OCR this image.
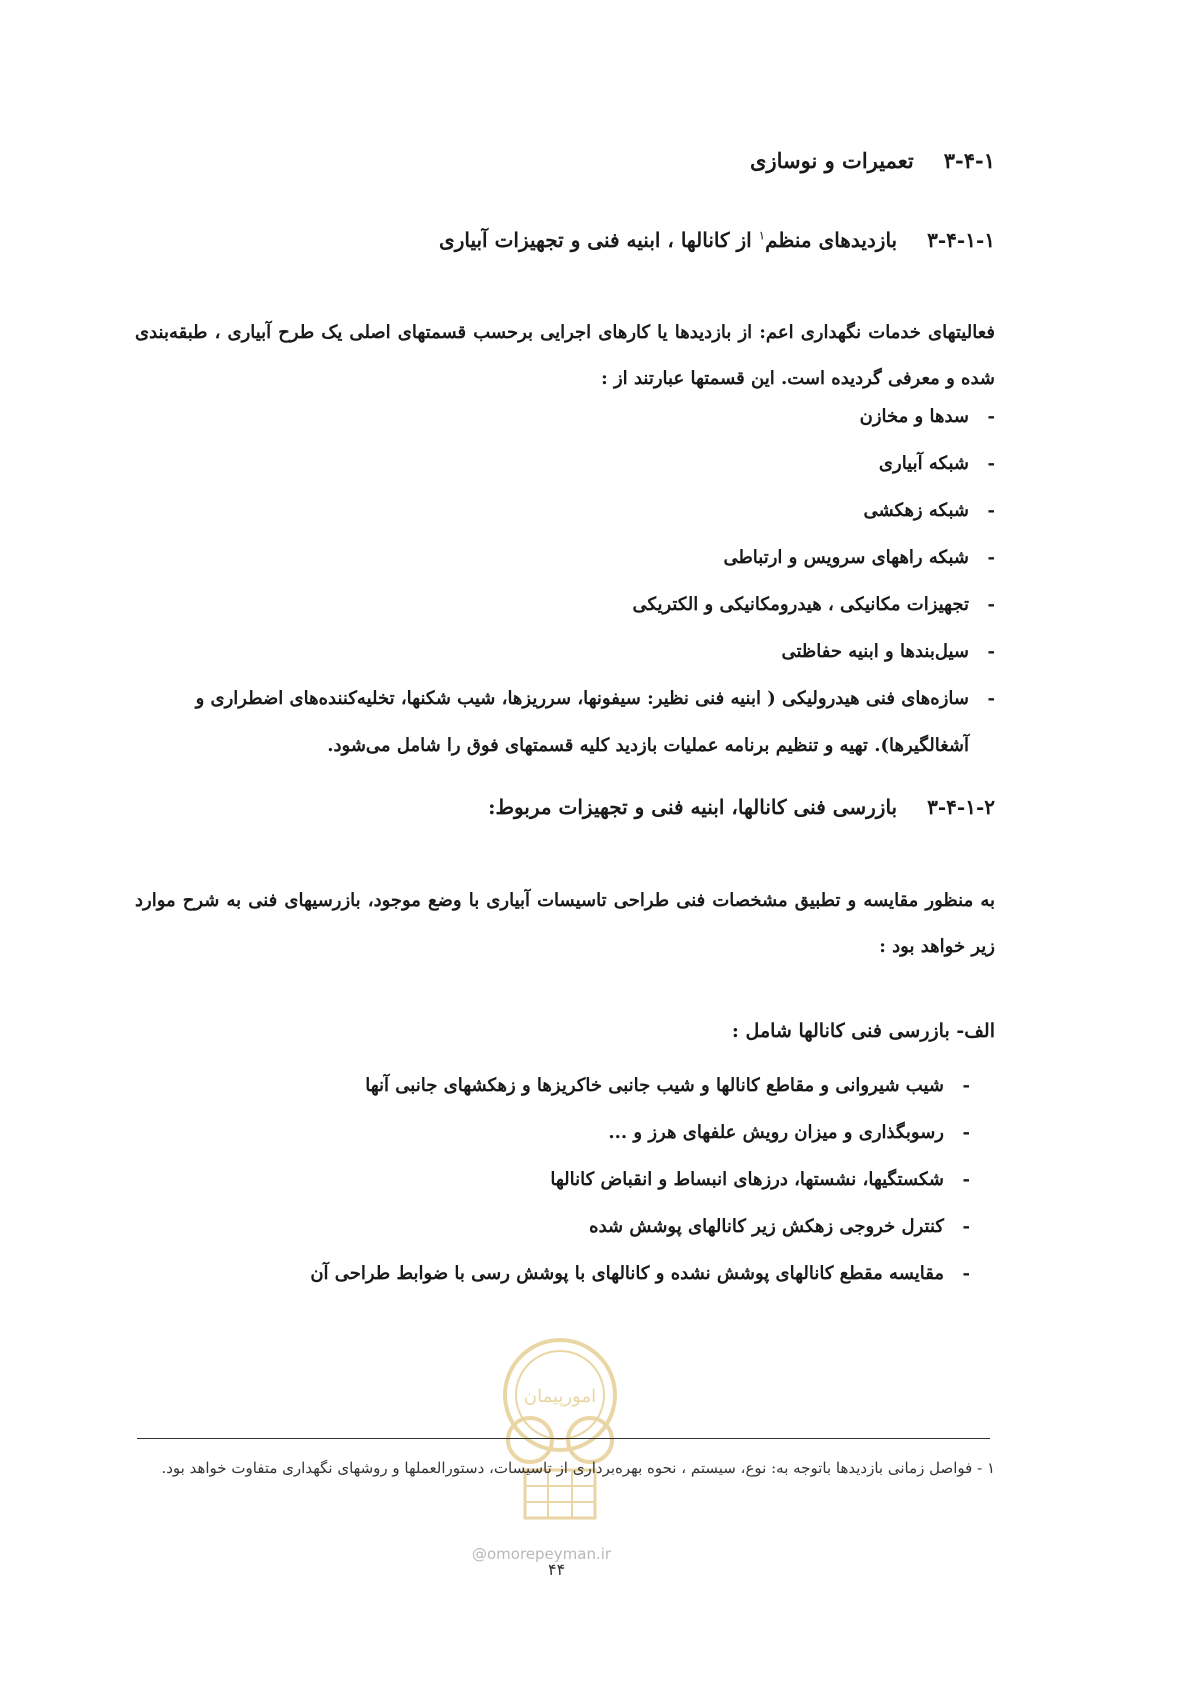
۳-۴-۱تعمیرات و نوسازی
۳-۴-۱-۱بازدیدهای منظم$^۱$ از کانالها ، ابنیه فنی و تجهیزات آبیاری
فعالیتهای خدمات نگهداری اعم: از بازدیدها یا کارهای اجرایی برحسب قسمتهای اصلی یک طرح آبیاری ، طبقه‌بندی شده و معرفی گردیده است. این قسمتها عبارتند از :
-
سدها و مخازن
-
شبکه آبیاری
-
شبکه زهکشی
-
شبکه راههای سرویس و ارتباطی
-
تجهیزات مکانیکی ، هیدرومکانیکی و الکتریکی
-
سیل‌بندها و ابنیه حفاظتی
-
سازه‌های فنی هیدرولیکی ( ابنیه فنی نظیر: سیفونها، سرریزها، شیب شکنها، تخلیه‌کننده‌های اضطراری و آشغالگیرها). تهیه و تنظیم برنامه عملیات بازدید کلیه قسمتهای فوق را شامل می‌شود.
۳-۴-۱-۲بازرسی فنی کانالها، ابنیه فنی و تجهیزات مربوط:
به منظور مقایسه و تطبیق مشخصات فنی طراحی تاسیسات آبیاری با وضع موجود، بازرسیهای فنی به شرح موارد زیر خواهد بود :
الف- بازرسی فنی کانالها شامل :
-
شیب شیروانی و مقاطع کانالها و شیب جانبی خاکریزها و زهکشهای جانبی آنها
-
رسوبگذاری و میزان رویش علفهای هرز و ...
-
شکستگیها، نشستها، درزهای انبساط و انقباض کانالها
-
کنترل خروجی زهکش زیر کانالهای پوشش شده
-
مقایسه مقطع کانالهای پوشش نشده و کانالهای با پوشش رسی با ضوابط طراحی آن
امورپیمان
۱ - فواصل زمانی بازدیدها باتوجه به: نوع، سیستم ، نحوه بهره‌برداری از تاسیسات، دستورالعملها و روشهای نگهداری متفاوت خواهد بود.
@omorepeyman.ir
۴۴
